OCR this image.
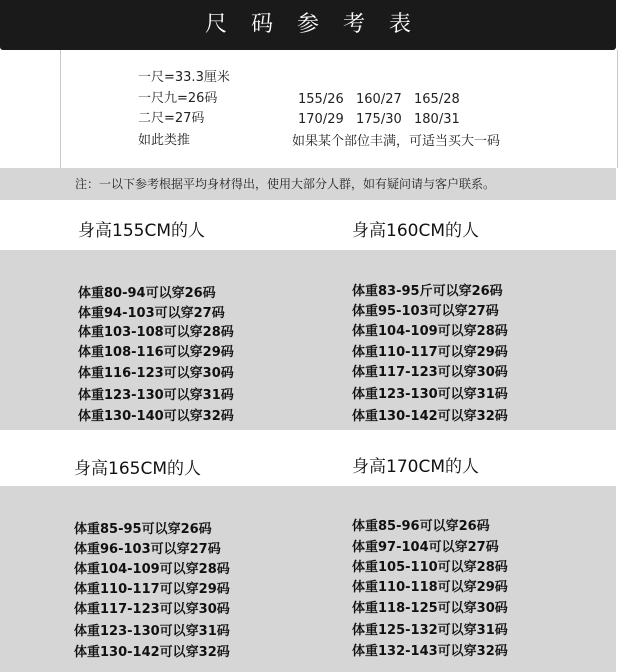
尺码参考表
一尺=33.3厘米
一尺九=26码
二尺=27码
如此类推
155/26 160/27 165/28
170/29 175/30 180/31
如果某个部位丰满，可适当买大一码
注：一以下参考根据平均身材得出，使用大部分人群，如有疑问请与客户联系。
身高155CM的人	身高160CM的人
体重80-94可以穿26码
体重94-103可以穿27码
体重103-108可以穿28码
体重108-116可以穿29码
体重116-123可以穿30码
体重123-130可以穿31码
体重130-140可以穿32码
体重83-95斤可以穿26码
体重95-103可以穿27码
体重104-109可以穿28码
体重110-117可以穿29码
体重117-123可以穿30码
体重123-130可以穿31码
体重130-142可以穿32码
身高165CM的人	身高170CM的人
体重85-95可以穿26码
体重96-103可以穿27码
体重104-109可以穿28码
体重110-117可以穿29码
体重117-123可以穿30码
体重123-130可以穿31码
体重130-142可以穿32码
体重85-96可以穿26码
体重97-104可以穿27码
体重105-110可以穿28码
体重110-118可以穿29码
体重118-125可以穿30码
体重125-132可以穿31码
体重132-143可以穿32码
